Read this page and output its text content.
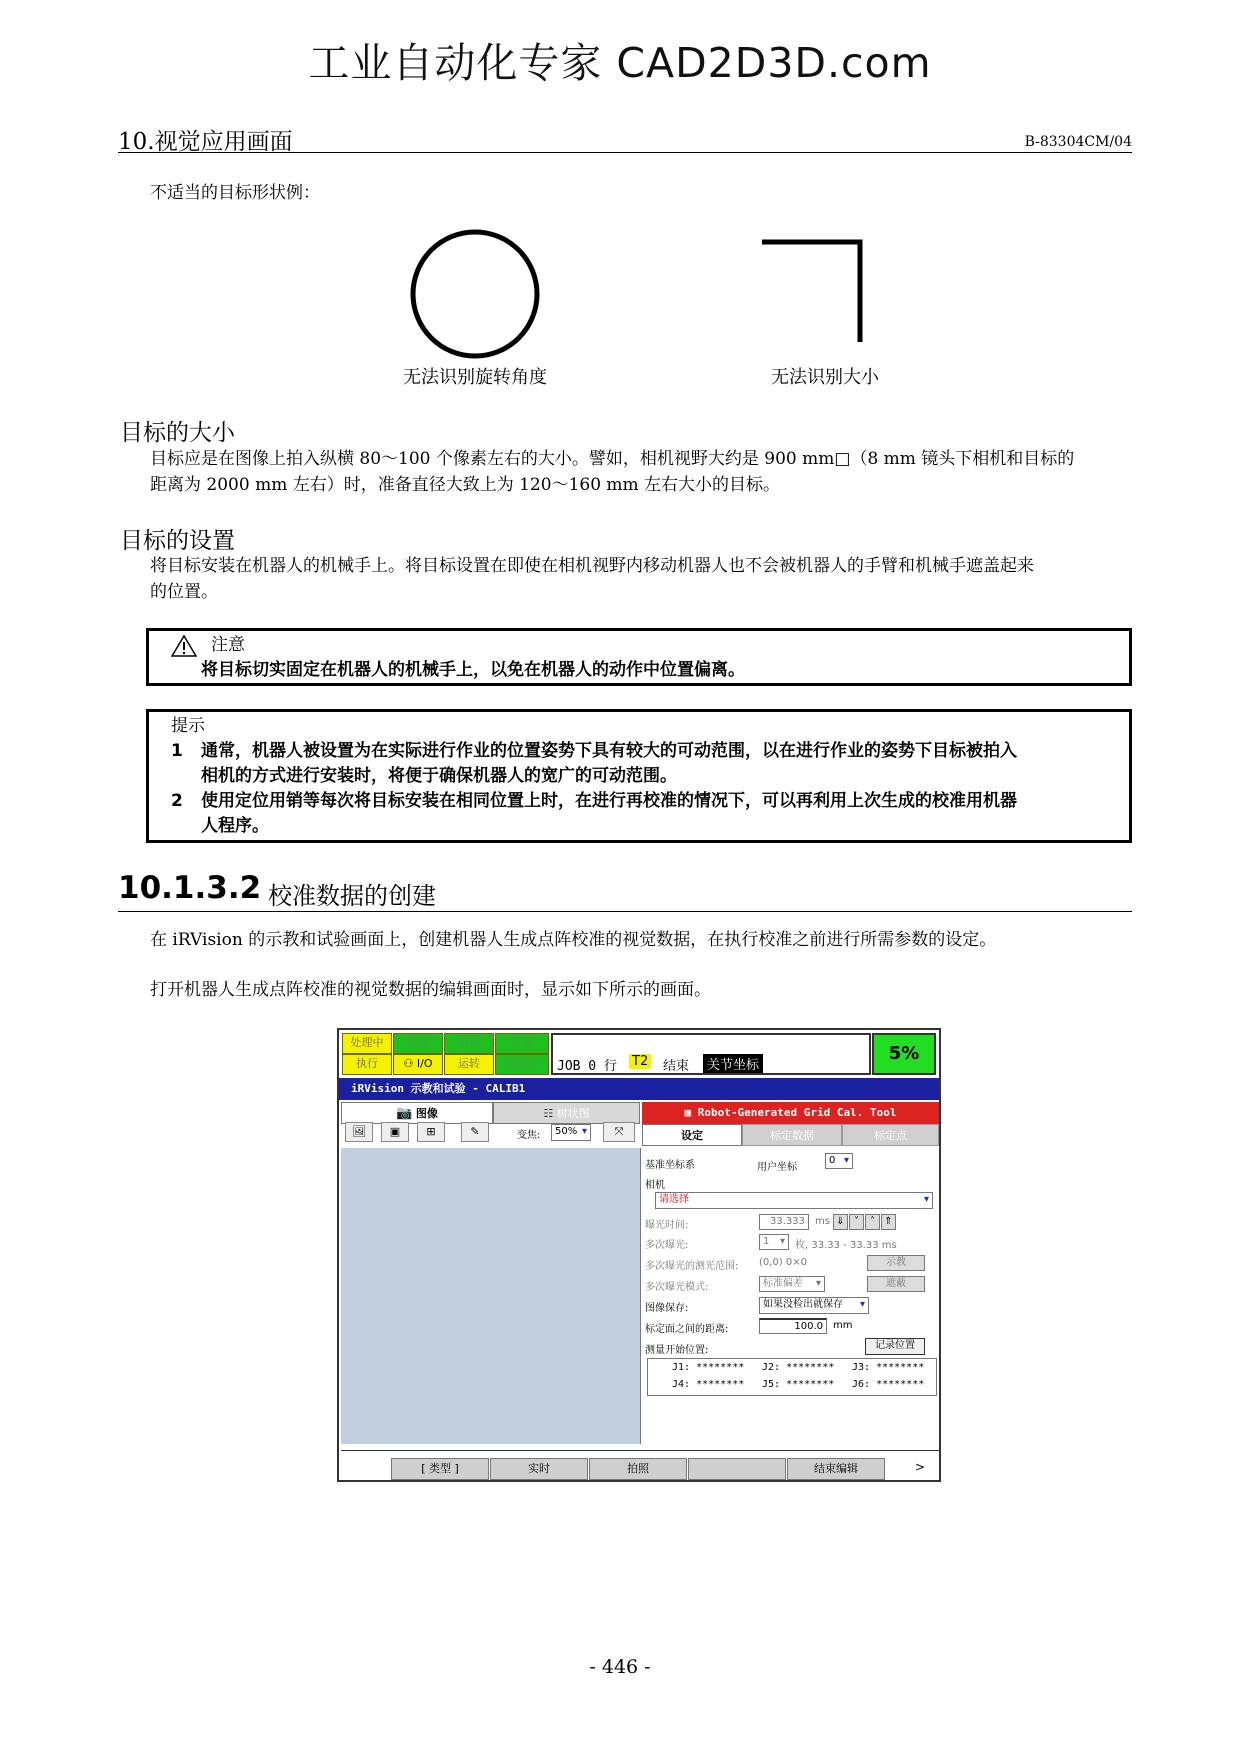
工业自动化专家 CAD2D3D.com
10.视觉应用画面	B-83304CM/04
不适当的目标形状例：
无法识别旋转角度	无法识别大小
目标的大小
目标应是在图像上拍入纵横 80～100 个像素左右的大小。譬如，相机视野大约是 900 mm□（8 mm 镜头下相机和目标的
距离为 2000 mm 左右）时，准备直径大致上为 120～160 mm 左右大小的目标。
目标的设置
将目标安装在机器人的机械手上。将目标设置在即使在相机视野内移动机器人也不会被机器人的手臂和机械手遮盖起来
的位置。
注意
将目标切实固定在机器人的机械手上，以免在机器人的动作中位置偏离。
提示
1 通常，机器人被设置为在实际进行作业的位置姿势下具有较大的可动范围，以在进行作业的姿势下目标被拍入
相机的方式进行安装时，将便于确保机器人的宽广的可动范围。
2 使用定位用销等每次将目标安装在相同位置上时，在进行再校准的情况下，可以再利用上次生成的校准用机器
人程序。
10.1.3.2 校准数据的创建
在 iRVision 的示教和试验画面上，创建机器人生成点阵校准的视觉数据，在执行校准之前进行所需参数的设定。
打开机器人生成点阵校准的视觉数据的编辑画面时，显示如下所示的画面。
处理中	单段	暂停	异常
执行	⚇ I/O	运转	试运行	JOB 0 行 T2 结束	关节坐标
5%
iRVision 示教和试验 - CALIB1
📷 图像	☷ 树状图
🖼	▣	⊞	✎	变焦:	50% ▾	⤧
▦ Robot-Generated Grid Cal. Tool
设定	标定数据	标定点
基准坐标系	用户坐标
0 ▾
相机
请选择	▾
曝光时间:	33.333	ms ⇓ ˅	˄ ⇑
多次曝光:	1 ▾ 枚, 33.33 - 33.33 ms
多次曝光的测光范围: (0,0) 0×0	示教
多次曝光模式:	标准偏差 ▾	遮蔽
图像保存:	如果没检出就保存 ▾
标定面之间的距离:	100.0	mm
测量开始位置:	记录位置
J1: ******** J2: ******** J3: ********
J4: ******** J5: ******** J6: ********
[ 类型 ]	实时	拍照	结束编辑	>
- 446 -
